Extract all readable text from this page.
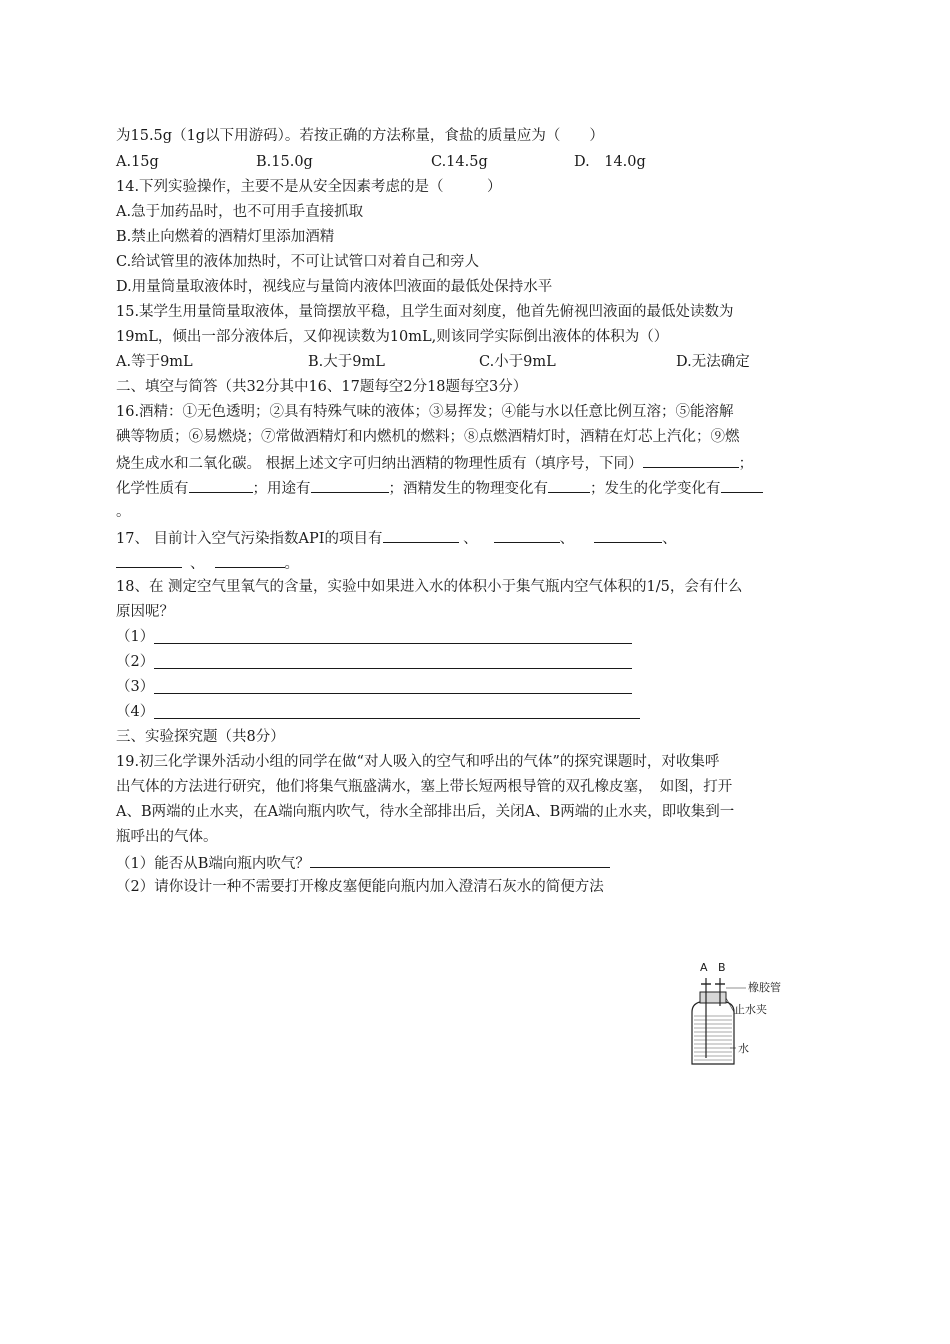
为15.5g（1g以下用游码）。若按正确的方法称量，食盐的质量应为（　　）
A.15g	B.15.0g	C.14.5g	D.　14.0g
14.下列实验操作，主要不是从安全因素考虑的是（　　　）
A.急于加药品时，也不可用手直接抓取
B.禁止向燃着的酒精灯里添加酒精
C.给试管里的液体加热时，不可让试管口对着自己和旁人
D.用量筒量取液体时，视线应与量筒内液体凹液面的最低处保持水平
15.某学生用量筒量取液体，量筒摆放平稳，且学生面对刻度，他首先俯视凹液面的最低处读数为
19mL，倾出一部分液体后，又仰视读数为10mL,则该同学实际倒出液体的体积为（）
A.等于9mL	B.大于9mL	C.小于9mL	D.无法确定
二、填空与简答（共32分其中16、17题每空2分18题每空3分）
16.酒精：①无色透明；②具有特殊气味的液体；③易挥发；④能与水以任意比例互溶；⑤能溶解
碘等物质；⑥易燃烧；⑦常做酒精灯和内燃机的燃料；⑧点燃酒精灯时，酒精在灯芯上汽化；⑨燃
烧生成水和二氧化碳。 根据上述文字可归纳出酒精的物理性质有（填序号，下同）	；
化学性质有	；用途有	；酒精发生的物理变化有	；发生的化学变化有
。
17、 目前计入空气污染指数API的项目有	、	、	、
、	。
18、在 测定空气里氧气的含量，实验中如果进入水的体积小于集气瓶内空气体积的1/5，会有什么
原因呢？
（1）
（2）
（3）
（4）
三、实验探究题（共8分）
19.初三化学课外活动小组的同学在做“对人吸入的空气和呼出的气体”的探究课题时，对收集呼
出气体的方法进行研究，他们将集气瓶盛满水，塞上带长短两根导管的双孔橡皮塞，　如图，打开
A、B两端的止水夹，在A端向瓶内吹气，待水全部排出后，关闭A、B两端的止水夹，即收集到一
瓶呼出的气体。
（1）能否从B端向瓶内吹气？
（2）请你设计一种不需要打开橡皮塞便能向瓶内加入澄清石灰水的简便方法
A B
橡胶管
止水夹
水
